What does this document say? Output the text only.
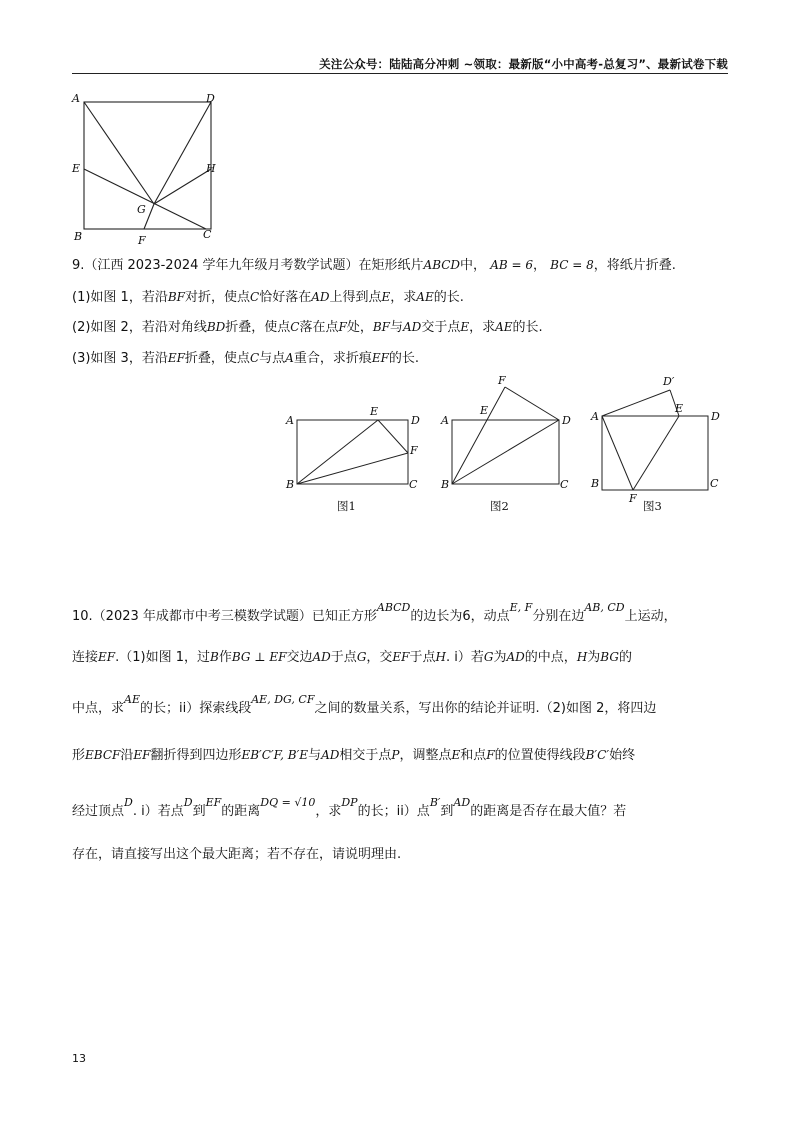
关注公众号：陆陆高分冲刺 ~领取：最新版“小中高考-总复习”、最新试卷下载
A	D
E	H
G
B	F	C
9.（江西 2023-2024 学年九年级月考数学试题）在矩形纸片ABCD中， AB = 6， BC = 8，将纸片折叠.
(1)如图 1，若沿BF对折，使点C恰好落在AD上得到点E，求AE的长.
(2)如图 2，若沿对角线BD折叠，使点C落在点F处，BF与AD交于点E，求AE的长.
(3)如图 3，若沿EF折叠，使点C与点A重合，求折痕EF的长.
A
E
D
F
B	C
图1
F
A
E
D
B	C
图2
D′
A
E
D
B
F
C
图3
10.（2023 年成都市中考三模数学试题）已知正方形$^{ABCD}$的边长为6，动点$^{E, F}$分别在边$^{AB, CD}$上运动，
连接EF.（1)如图 1，过B作BG ⊥ EF交边AD于点G，交EF于点H. i）若G为AD的中点，H为BG的
中点，求$^{AE}$的长；ii）探索线段$^{AE, DG, CF}$之间的数量关系，写出你的结论并证明.（2)如图 2，将四边
形EBCF沿EF翻折得到四边形EB′C′F, B′E与AD相交于点P，调整点E和点F的位置使得线段B′C′始终
经过顶点$^D$. i）若点$^D$到$^{EF}$的距离$^{DQ = √10}$，求$^{DP}$的长；ii）点$^{B'}$到$^{AD}$的距离是否存在最大值？若
存在，请直接写出这个最大距离；若不存在，请说明理由.
13
